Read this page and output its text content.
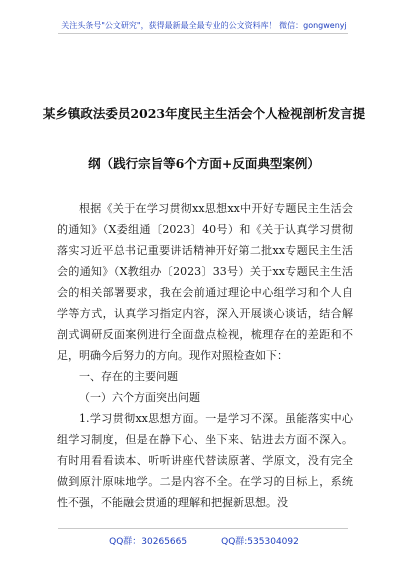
关注头条号"公文研究"，获得最新最全最专业的公文资料库！ 微信：gongwenyj
某乡镇政法委员2023年度民主生活会个人检视剖析发言提
纲（践行宗旨等6个方面+反面典型案例）

根据《关于在学习贯彻xx思想xx中开好专题民主生活会的通知》（X委组通〔2023〕40号）和《关于认真学习贯彻落实习近平总书记重要讲话精神开好第二批xx专题民主生活会的通知》（X教组办〔2023〕33号）关于xx专题民主生活会的相关部署要求，我在会前通过理论中心组学习和个人自学等方式，认真学习指定内容，深入开展谈心谈话，结合解剖式调研反面案例进行全面盘点检视，梳理存在的差距和不足，明确今后努力的方向。现作对照检查如下：

一、存在的主要问题

（一）六个方面突出问题

1.学习贯彻xx思想方面。一是学习不深。虽能落实中心组学习制度，但是在静下心、坐下来、钻进去方面不深入。有时用看看读本、听听讲座代替读原著、学原文，没有完全做到原汁原味地学。二是内容不全。在学习的目标上，系统性不强，不能融会贯通的理解和把握新思想。没

QQ群：30265665	QQ群:535304092
